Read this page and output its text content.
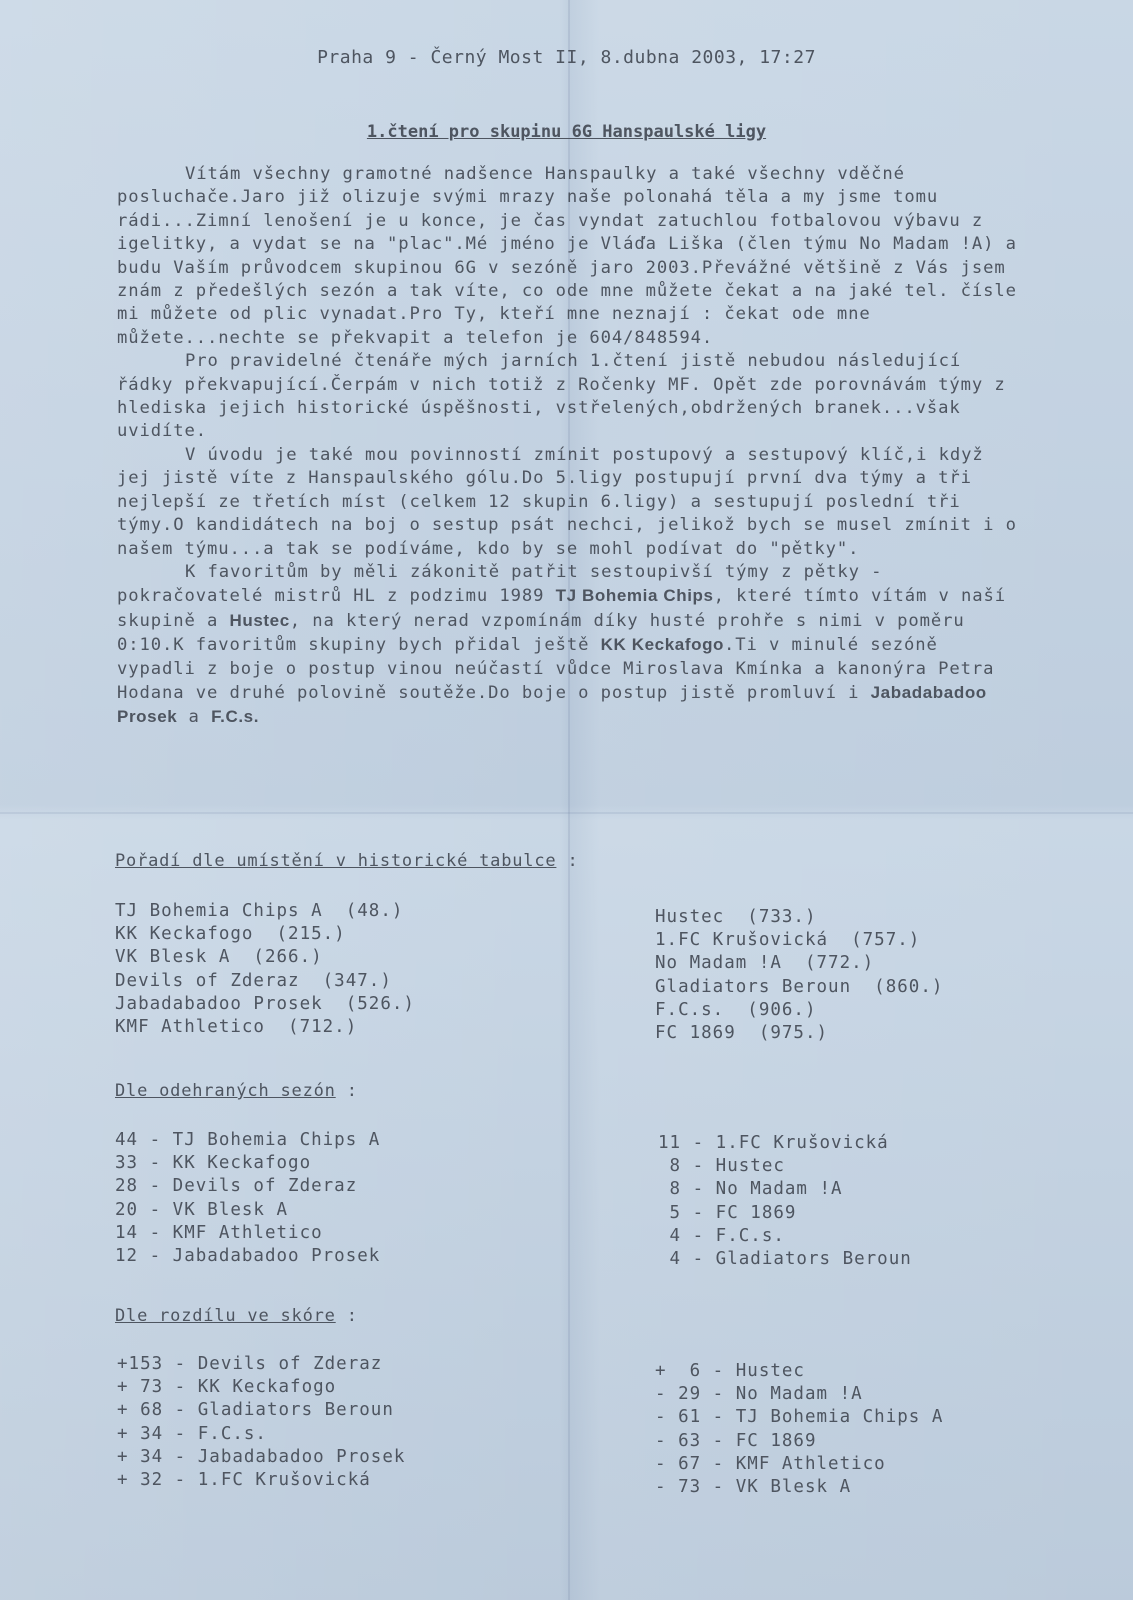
Praha 9 - Černý Most II, 8.dubna 2003, 17:27
1.čtení pro skupinu 6G Hanspaulské ligy

Vítám všechny gramotné nadšence Hanspaulky a také všechny vděčné posluchače.Jaro již olizuje svými mrazy naše polonahá těla a my jsme tomu rádi...Zimní lenošení je u konce, je čas vyndat zatuchlou fotbalovou výbavu z igelitky, a vydat se na "plac".Mé jméno je Vláďa Liška (člen týmu No Madam !A) a budu Vaším průvodcem skupinou 6G v sezóně jaro 2003.Převážné většině z Vás jsem znám z předešlých sezón a tak víte, co ode mne můžete čekat a na jaké tel. čísle mi můžete od plic vynadat.Pro Ty, kteří mne neznají : čekat ode mne můžete...nechte se překvapit a telefon je 604/848594.

Pro pravidelné čtenáře mých jarních 1.čtení jistě nebudou následující řádky překvapující.Čerpám v nich totiž z Ročenky MF. Opět zde porovnávám týmy z hlediska jejich historické úspěšnosti, vstřelených,obdržených branek...však uvidíte.

V úvodu je také mou povinností zmínit postupový a sestupový klíč,i když jej jistě víte z Hanspaulského gólu.Do 5.ligy postupují první dva týmy a tři nejlepší ze třetích míst (celkem 12 skupin 6.ligy) a sestupují poslední tři týmy.O kandidátech na boj o sestup psát nechci, jelikož bych se musel zmínit i o našem týmu...a tak se podíváme, kdo by se mohl podívat do "pětky".

K favoritům by měli zákonitě patřit sestoupivší týmy z pětky - pokračovatelé mistrů HL z podzimu 1989 TJ Bohemia Chips, které tímto vítám v naší skupině a Hustec, na který nerad vzpomínám díky husté prohře s nimi v poměru 0:10.K favoritům skupiny bych přidal ještě KK Keckafogo.Ti v minulé sezóně vypadli z boje o postup vinou neúčastí vůdce Miroslava Kmínka a kanonýra Petra Hodana ve druhé polovině soutěže.Do boje o postup jistě promluví i Jabadabadoo Prosek a F.C.s.

Pořadí dle umístění v historické tabulce :
TJ Bohemia Chips A  (48.)
KK Keckafogo  (215.)
VK Blesk A  (266.)
Devils of Zderaz  (347.)
Jabadabadoo Prosek  (526.)
KMF Athletico  (712.)
Hustec  (733.)
1.FC Krušovická  (757.)
No Madam !A  (772.)
Gladiators Beroun  (860.)
F.C.s.  (906.)
FC 1869  (975.)
Dle odehraných sezón :
44 - TJ Bohemia Chips A
33 - KK Keckafogo
28 - Devils of Zderaz
20 - VK Blesk A
14 - KMF Athletico
12 - Jabadabadoo Prosek
11 - 1.FC Krušovická
8 - Hustec
8 - No Madam !A
5 - FC 1869
4 - F.C.s.
4 - Gladiators Beroun
Dle rozdílu ve skóre :
+153 - Devils of Zderaz
+ 73 - KK Keckafogo
+ 68 - Gladiators Beroun
+ 34 - F.C.s.
+ 34 - Jabadabadoo Prosek
+ 32 - 1.FC Krušovická
+  6 - Hustec
- 29 - No Madam !A
- 61 - TJ Bohemia Chips A
- 63 - FC 1869
- 67 - KMF Athletico
- 73 - VK Blesk A
